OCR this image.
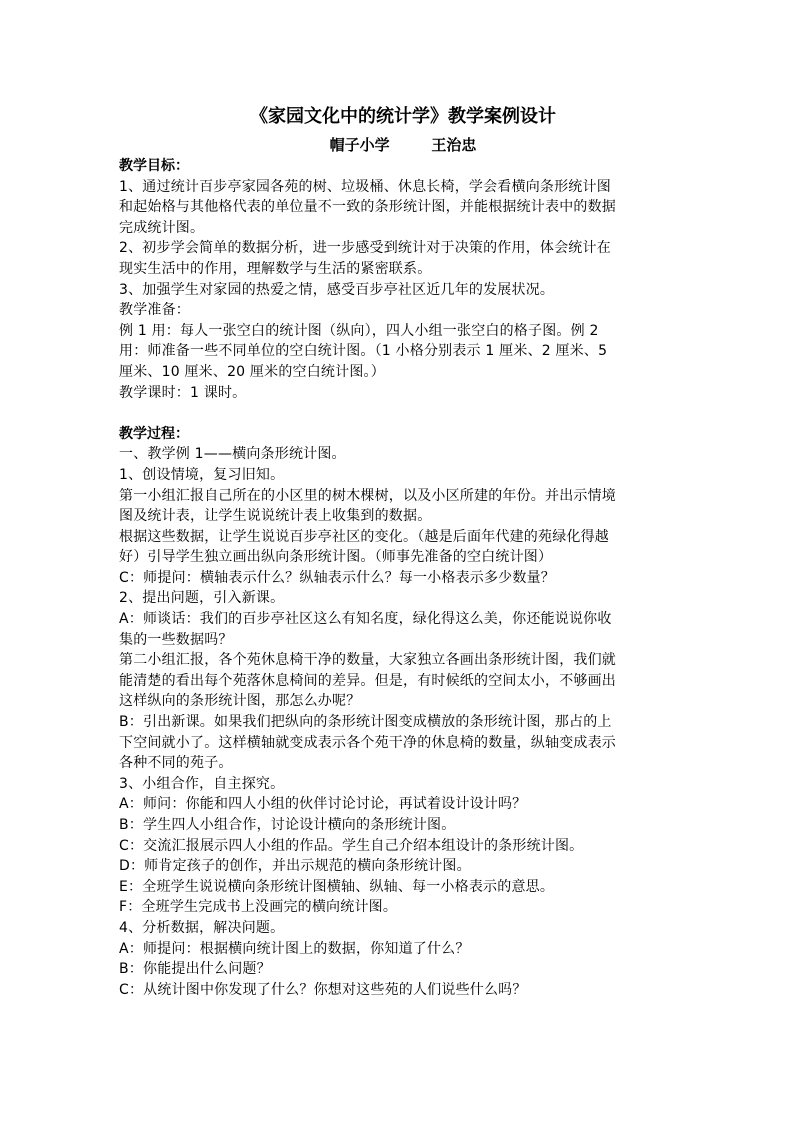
《家园文化中的统计学》教学案例设计
帽子小学        王治忠
教学目标：
1、通过统计百步亭家园各苑的树、垃圾桶、休息长椅，学会看横向条形统计图
和起始格与其他格代表的单位量不一致的条形统计图，并能根据统计表中的数据
完成统计图。
2、初步学会简单的数据分析，进一步感受到统计对于决策的作用，体会统计在
现实生活中的作用，理解数学与生活的紧密联系。
3、加强学生对家园的热爱之情，感受百步亭社区近几年的发展状况。
教学准备：
例 1 用：每人一张空白的统计图（纵向），四人小组一张空白的格子图。例 2
用：师准备一些不同单位的空白统计图。（1 小格分别表示 1 厘米、2 厘米、5
厘米、10 厘米、20 厘米的空白统计图。）
教学课时：1 课时。
教学过程：
一、教学例 1——横向条形统计图。
1、创设情境，复习旧知。
第一小组汇报自己所在的小区里的树木棵树，以及小区所建的年份。并出示情境
图及统计表，让学生说说统计表上收集到的数据。
根据这些数据，让学生说说百步亭社区的变化。（越是后面年代建的苑绿化得越
好）引导学生独立画出纵向条形统计图。（师事先准备的空白统计图）
C：师提问：横轴表示什么？纵轴表示什么？每一小格表示多少数量？
2、提出问题，引入新课。
A：师谈话：我们的百步亭社区这么有知名度，绿化得这么美，你还能说说你收
集的一些数据吗？
第二小组汇报，各个苑休息椅干净的数量，大家独立各画出条形统计图，我们就
能清楚的看出每个苑落休息椅间的差异。但是，有时候纸的空间太小，不够画出
这样纵向的条形统计图，那怎么办呢？
B：引出新课。如果我们把纵向的条形统计图变成横放的条形统计图，那占的上
下空间就小了。这样横轴就变成表示各个苑干净的休息椅的数量，纵轴变成表示
各种不同的苑子。
3、小组合作，自主探究。
A：师问：你能和四人小组的伙伴讨论讨论，再试着设计设计吗？
B：学生四人小组合作，讨论设计横向的条形统计图。
C：交流汇报展示四人小组的作品。学生自己介绍本组设计的条形统计图。
D：师肯定孩子的创作，并出示规范的横向条形统计图。
E：全班学生说说横向条形统计图横轴、纵轴、每一小格表示的意思。
F：全班学生完成书上没画完的横向统计图。
4、分析数据，解决问题。
A：师提问：根据横向统计图上的数据，你知道了什么？
B：你能提出什么问题？
C：从统计图中你发现了什么？你想对这些苑的人们说些什么吗？
